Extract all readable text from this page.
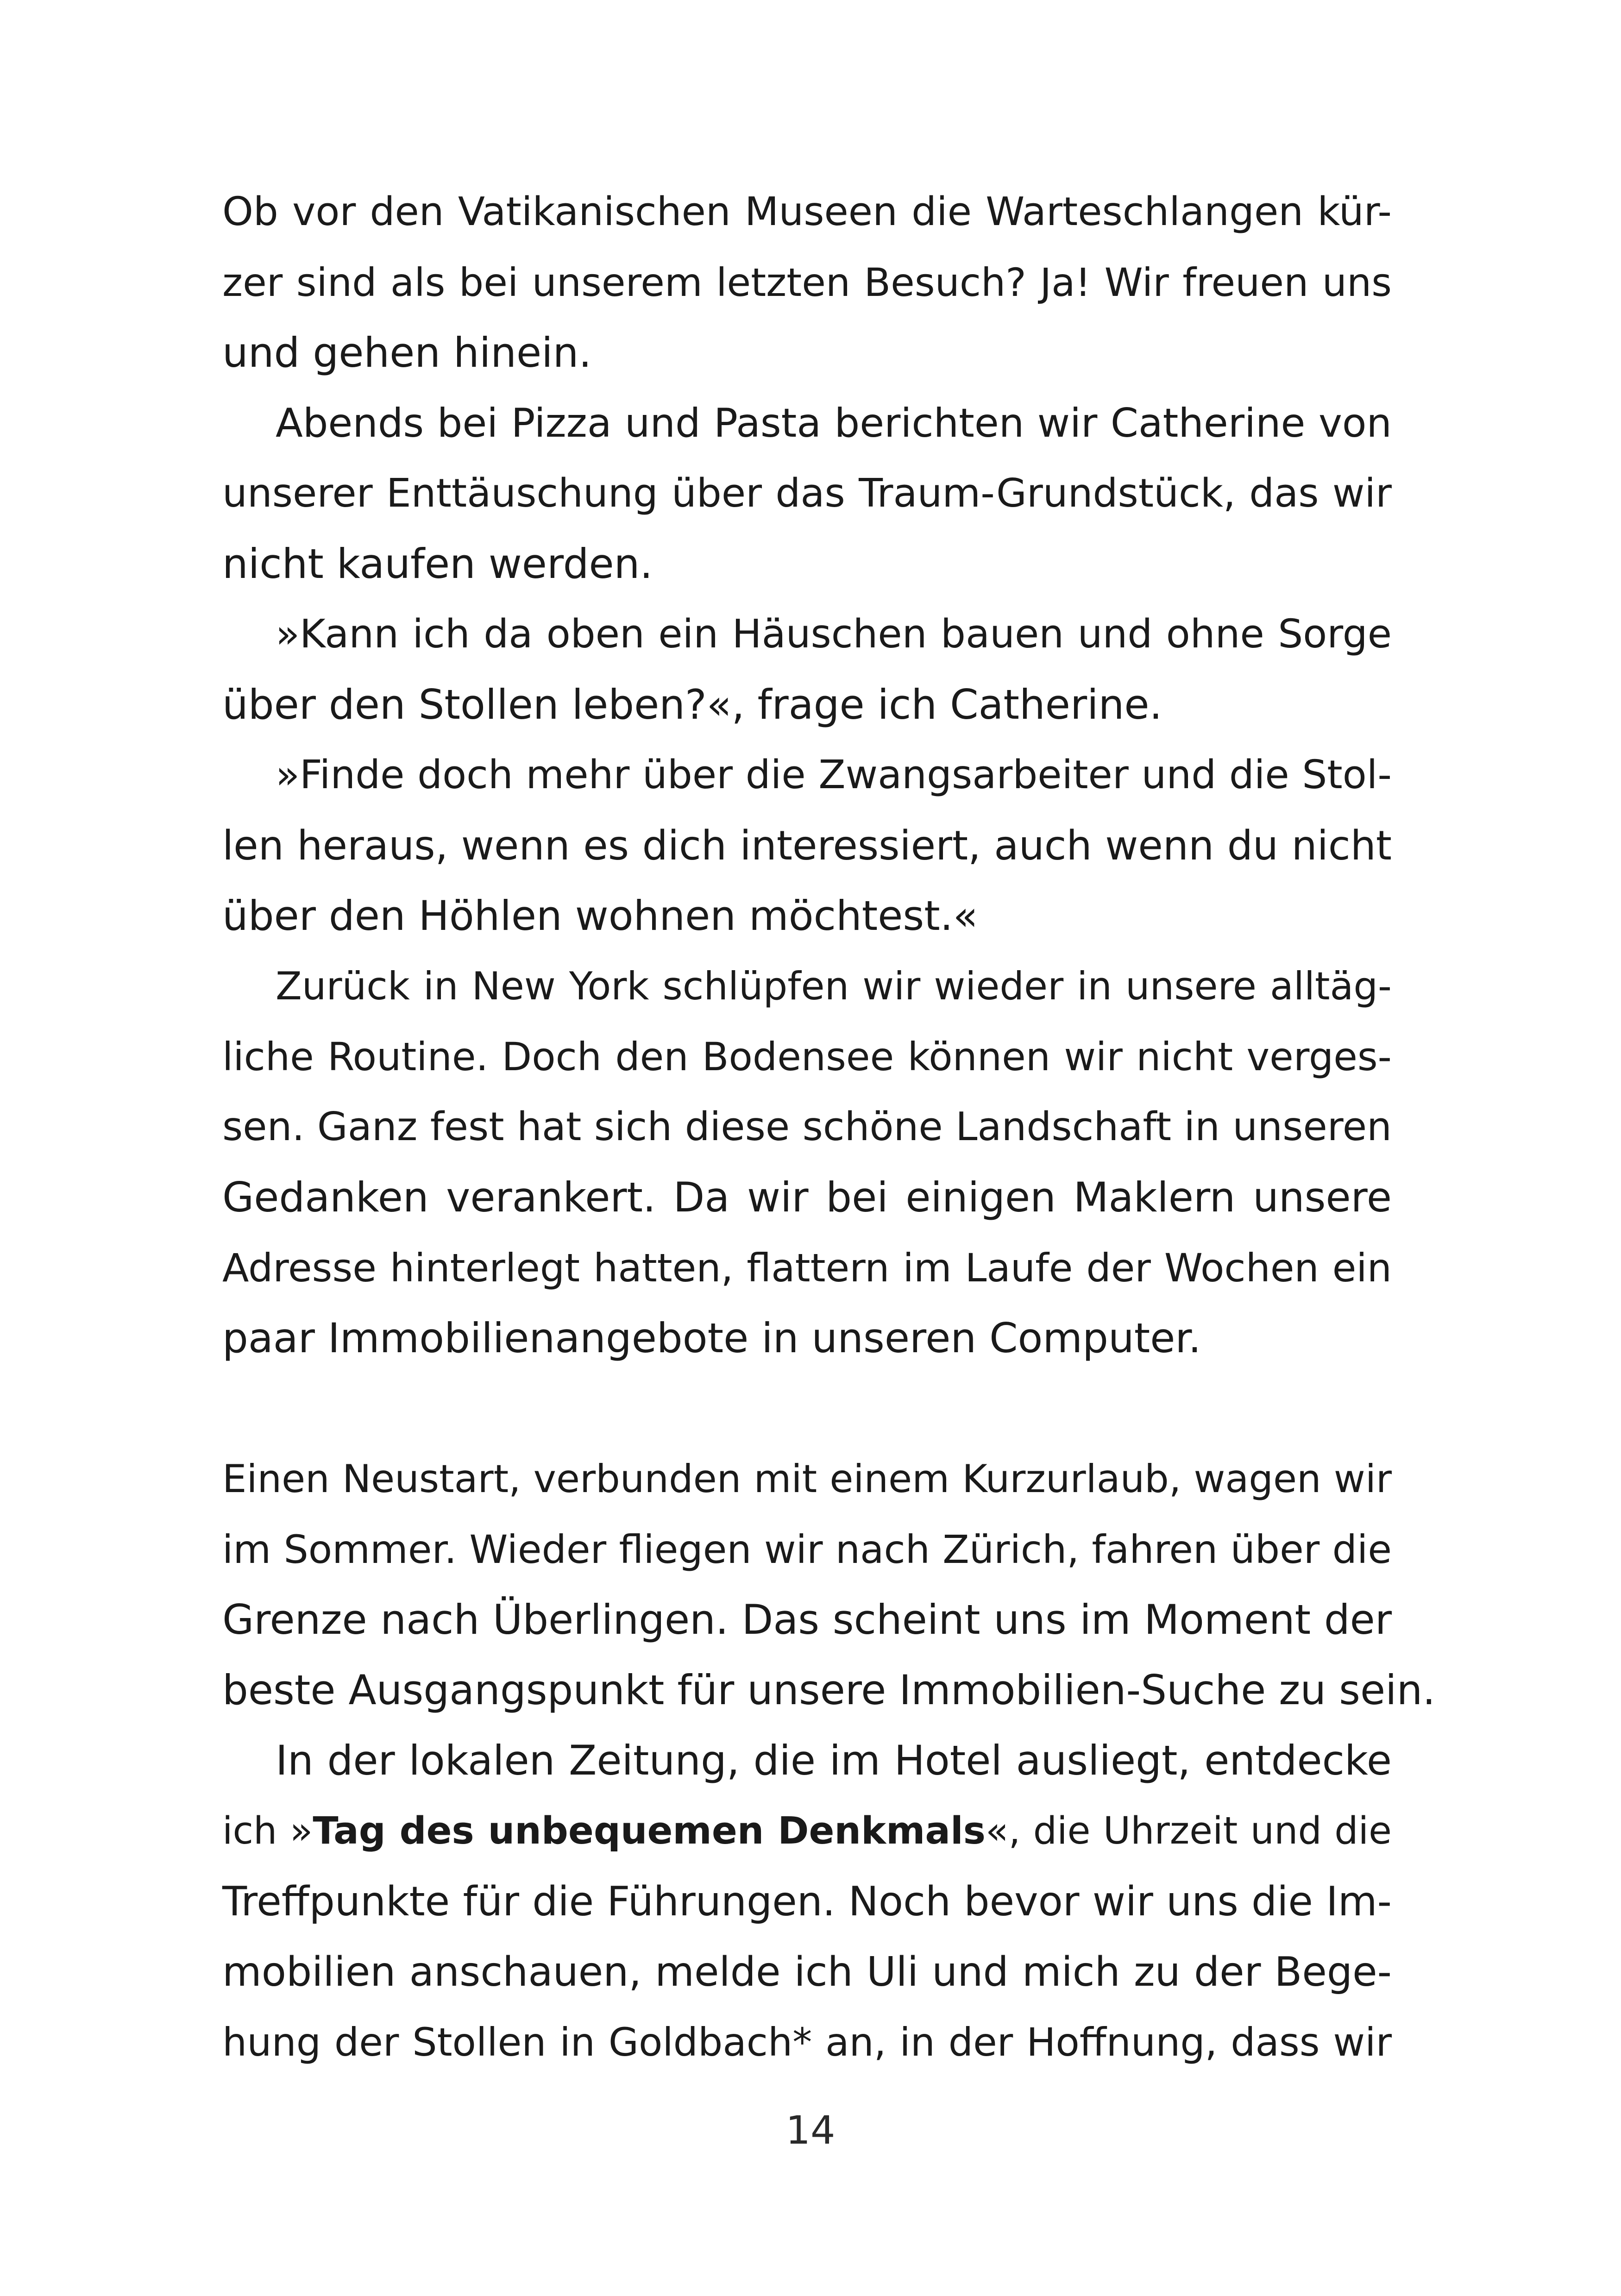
Ob vor den Vatikanischen Museen die Warteschlangen kür-
zer sind als bei unserem letzten Besuch? Ja! Wir freuen uns
und gehen hinein.
Abends bei Pizza und Pasta berichten wir Catherine von
unserer Enttäuschung über das Traum-Grundstück, das wir
nicht kaufen werden.
»Kann ich da oben ein Häuschen bauen und ohne Sorge
über den Stollen leben?«, frage ich Catherine.
»Finde doch mehr über die Zwangsarbeiter und die Stol-
len heraus, wenn es dich interessiert, auch wenn du nicht
über den Höhlen wohnen möchtest.«
Zurück in New York schlüpfen wir wieder in unsere alltäg-
liche Routine. Doch den Bodensee können wir nicht verges-
sen. Ganz fest hat sich diese schöne Landschaft in unseren
Gedanken verankert. Da wir bei einigen Maklern unsere
Adresse hinterlegt hatten, flattern im Laufe der Wochen ein
paar Immobilienangebote in unseren Computer.
Einen Neustart, verbunden mit einem Kurzurlaub, wagen wir
im Sommer. Wieder fliegen wir nach Zürich, fahren über die
Grenze nach Überlingen. Das scheint uns im Moment der
beste Ausgangspunkt für unsere Immobilien-Suche zu sein.
In der lokalen Zeitung, die im Hotel ausliegt, entdecke
ich »Tag des unbequemen Denkmals«, die Uhrzeit und die
Treffpunkte für die Führungen. Noch bevor wir uns die Im-
mobilien anschauen, melde ich Uli und mich zu der Bege-
hung der Stollen in Goldbach* an, in der Hoffnung, dass wir
14
